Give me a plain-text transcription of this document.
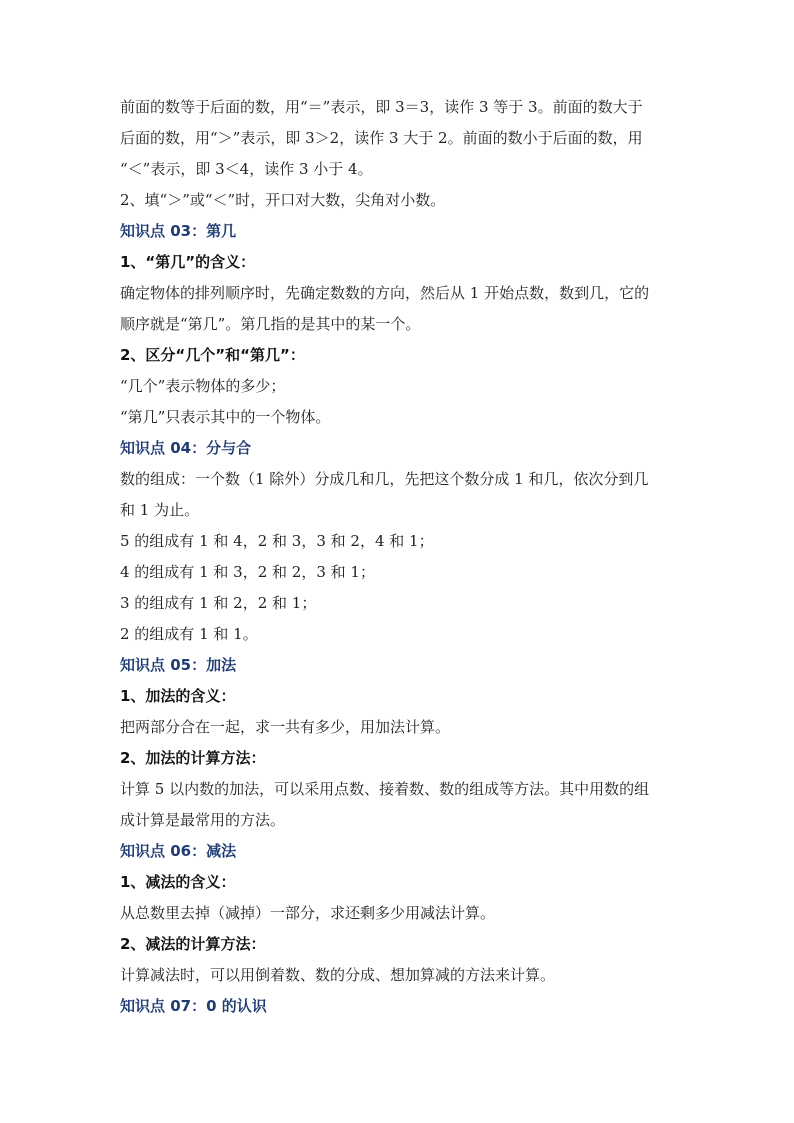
前面的数等于后面的数，用“＝”表示，即 3＝3，读作 3 等于 3。前面的数大于

后面的数，用“＞”表示，即 3＞2，读作 3 大于 2。前面的数小于后面的数，用

“＜”表示，即 3＜4，读作 3 小于 4。

2、填“＞”或“＜”时，开口对大数，尖角对小数。

知识点 03：第几

1、“第几”的含义：

确定物体的排列顺序时，先确定数数的方向，然后从 1 开始点数，数到几，它的

顺序就是“第几”。第几指的是其中的某一个。

2、区分“几个”和“第几”：

“几个”表示物体的多少；

“第几”只表示其中的一个物体。

知识点 04：分与合

数的组成：一个数（1 除外）分成几和几，先把这个数分成 1 和几，依次分到几

和 1 为止。

5 的组成有 1 和 4，2 和 3，3 和 2，4 和 1；

4 的组成有 1 和 3，2 和 2，3 和 1；

3 的组成有 1 和 2，2 和 1；

2 的组成有 1 和 1。

知识点 05：加法

1、加法的含义：

把两部分合在一起，求一共有多少，用加法计算。

2、加法的计算方法：

计算 5 以内数的加法，可以采用点数、接着数、数的组成等方法。其中用数的组

成计算是最常用的方法。

知识点 06：减法

1、减法的含义：

从总数里去掉（减掉）一部分，求还剩多少用减法计算。

2、减法的计算方法：

计算减法时，可以用倒着数、数的分成、想加算减的方法来计算。

知识点 07：0 的认识
